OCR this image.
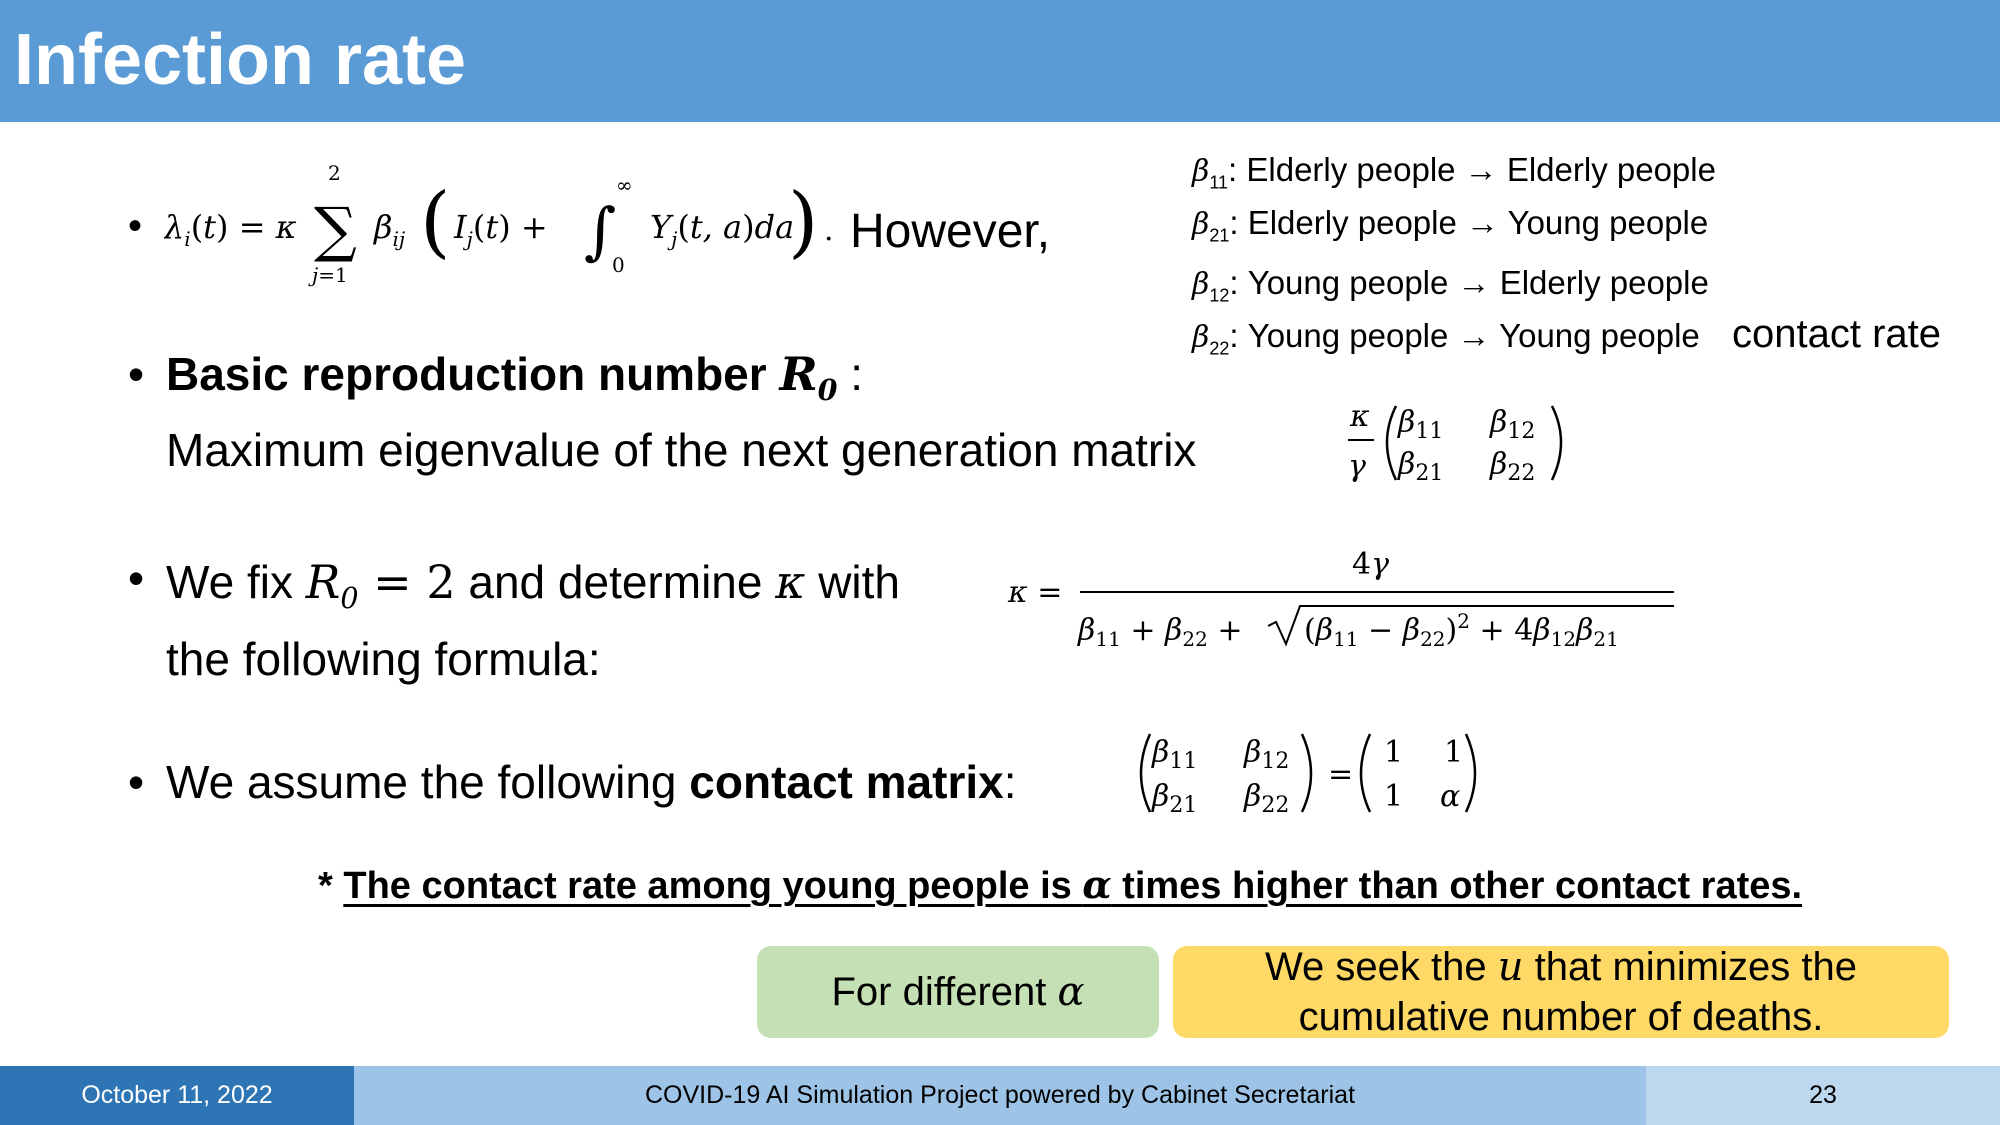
Infection rate
• $\lambda_i(t) = \kappa$
2
∑
j=1
$\beta_{ij}$ ( $I_j(t)$ + ∫
∞
0
$Y_j(t$, a)da
) . However,
$\beta_{11}$: Elderly people → Elderly people
$\beta_{21}$: Elderly people → Young people
$\beta_{12}$: Young people → Elderly people
$\beta_{22}$: Young people → Young people contact rate
• Basic reproduction number $R_0$ :
Maximum eigenvalue of the next generation matrix
κ
γ
$\beta_{11}$ $\beta_{12}$
$\beta_{21}$ $\beta_{22}$
• We fix $R_0 = 2$ and determine κ with
the following formula:
κ =
4γ
$\beta_{11} + \beta_{22} + (\beta_{11} - \beta_{22})^2 + 4\beta_{12}\beta_{21}$
• We assume the following contact matrix:
$\beta_{11}$ $\beta_{12}$
$\beta_{21}$ $\beta_{22}$
=
1 1
1 α
* The contact rate among young people is α times higher than other contact rates.
For different α
We seek the u that minimizes the
cumulative number of deaths.
October 11, 2022	COVID-19 AI Simulation Project powered by Cabinet Secretariat	23
